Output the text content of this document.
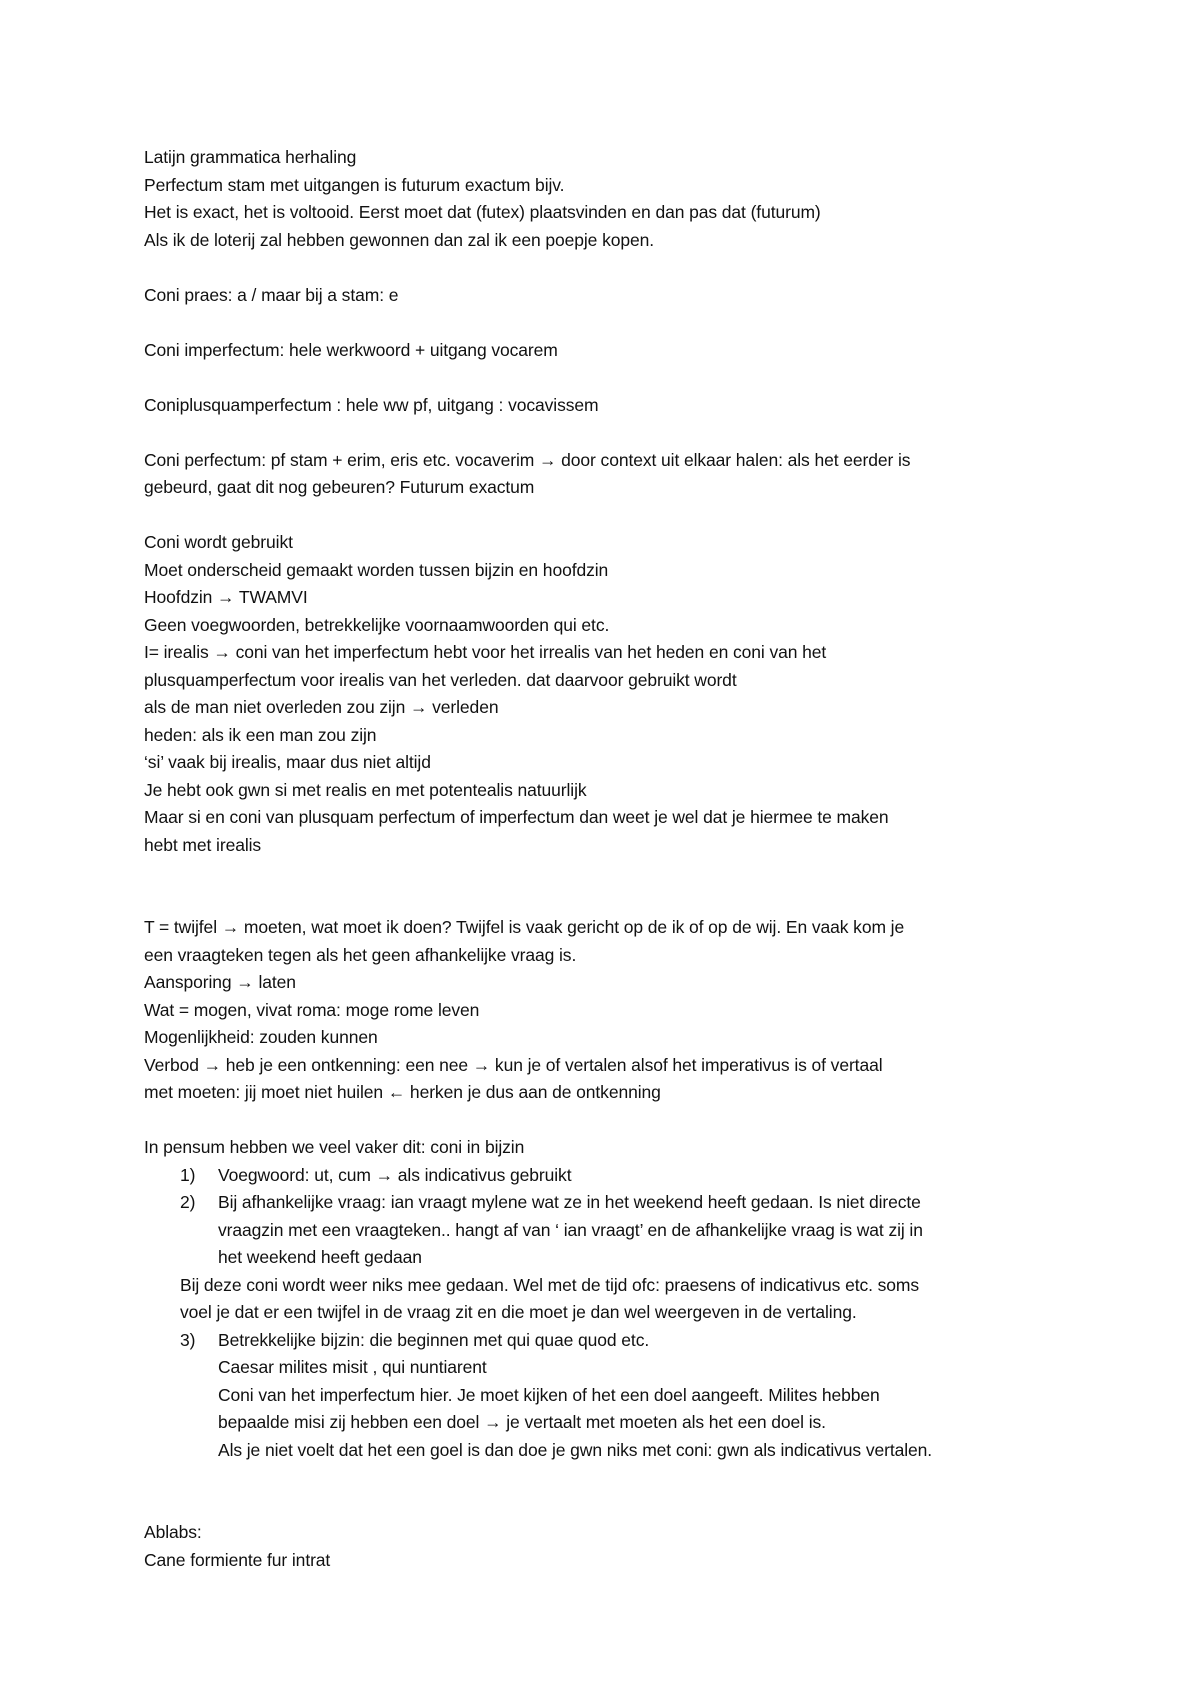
Latijn grammatica herhaling
Perfectum stam met uitgangen is futurum exactum bijv.
Het is exact, het is voltooid. Eerst moet dat (futex) plaatsvinden en dan pas dat (futurum)
Als ik de loterij zal hebben gewonnen dan zal ik een poepje kopen.
Coni praes: a / maar bij a stam: e
Coni imperfectum: hele werkwoord + uitgang vocarem
Coniplusquamperfectum : hele ww pf, uitgang : vocavissem
Coni perfectum: pf stam + erim, eris etc. vocaverim → door context uit elkaar halen: als het eerder is
gebeurd, gaat dit nog gebeuren? Futurum exactum
Coni wordt gebruikt
Moet onderscheid gemaakt worden tussen bijzin en hoofdzin
Hoofdzin → TWAMVI
Geen voegwoorden, betrekkelijke voornaamwoorden qui etc.
I= irealis → coni van het imperfectum hebt voor het irrealis van het heden en coni van het
plusquamperfectum voor irealis van het verleden. dat daarvoor gebruikt wordt
als de man niet overleden zou zijn → verleden
heden: als ik een man zou zijn
‘si’ vaak bij irealis, maar dus niet altijd
Je hebt ook gwn si met realis en met potentealis natuurlijk
Maar si en coni van plusquam perfectum of imperfectum dan weet je wel dat je hiermee te maken
hebt met irealis
T = twijfel → moeten, wat moet ik doen? Twijfel is vaak gericht op de ik of op de wij. En vaak kom je
een vraagteken tegen als het geen afhankelijke vraag is.
Aansporing → laten
Wat = mogen, vivat roma: moge rome leven
Mogenlijkheid: zouden kunnen
Verbod → heb je een ontkenning: een nee → kun je of vertalen alsof het imperativus is of vertaal
met moeten: jij moet niet huilen ← herken je dus aan de ontkenning
In pensum hebben we veel vaker dit: coni in bijzin
1) Voegwoord: ut, cum → als indicativus gebruikt
2) Bij afhankelijke vraag: ian vraagt mylene wat ze in het weekend heeft gedaan. Is niet directe
vraagzin met een vraagteken.. hangt af van ‘ ian vraagt’ en de afhankelijke vraag is wat zij in
het weekend heeft gedaan
Bij deze coni wordt weer niks mee gedaan. Wel met de tijd ofc: praesens of indicativus etc. soms
voel je dat er een twijfel in de vraag zit en die moet je dan wel weergeven in de vertaling.
3) Betrekkelijke bijzin: die beginnen met qui quae quod etc.
Caesar milites misit , qui nuntiarent
Coni van het imperfectum hier. Je moet kijken of het een doel aangeeft. Milites hebben
bepaalde misi zij hebben een doel → je vertaalt met moeten als het een doel is.
Als je niet voelt dat het een goel is dan doe je gwn niks met coni: gwn als indicativus vertalen.
Ablabs:
Cane formiente fur intrat
